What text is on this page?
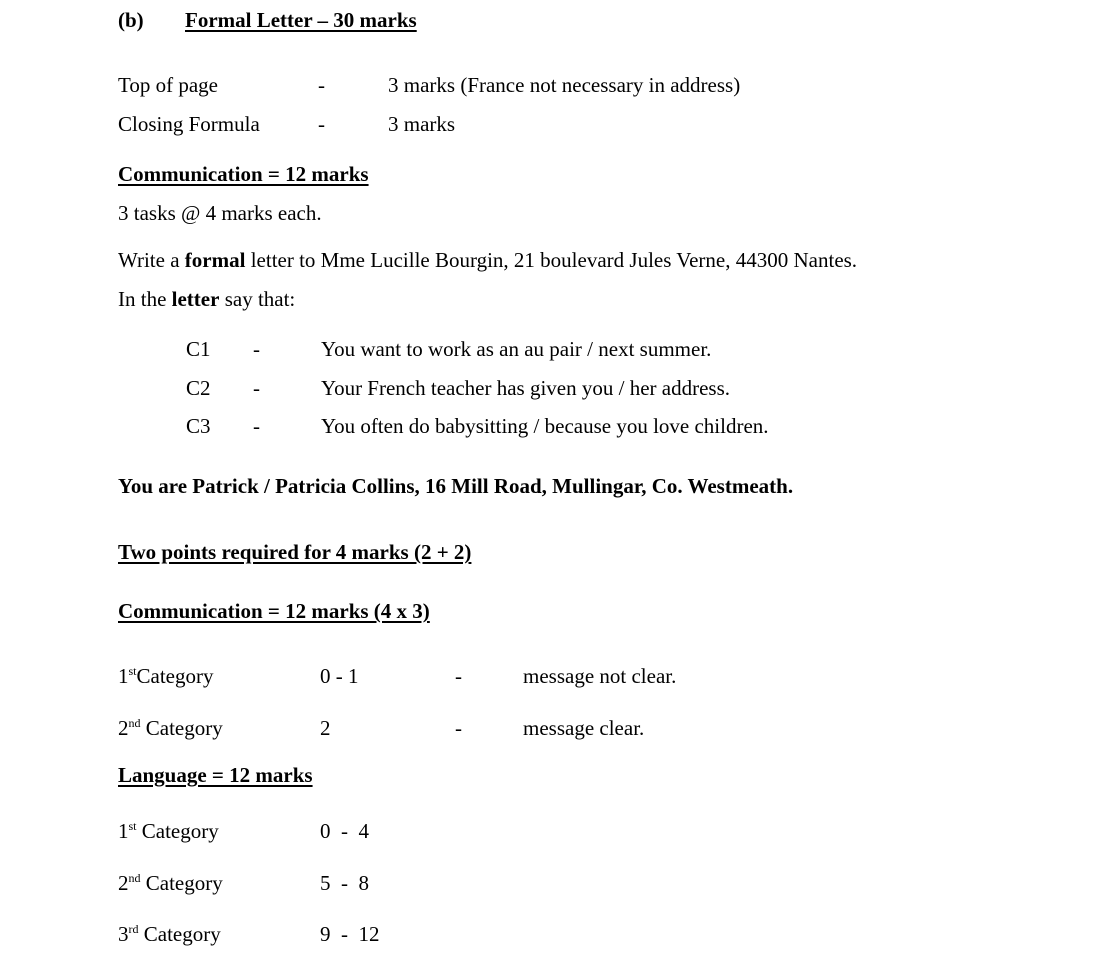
(b) Formal Letter – 30 marks
Top of page	-	3 marks (France not necessary in address)
Closing Formula	-	3 marks
Communication = 12 marks
3 tasks @ 4 marks each.
Write a formal letter to Mme Lucille Bourgin, 21 boulevard Jules Verne, 44300 Nantes.
In the letter say that:
C1 -	You want to work as an au pair / next summer.
C2 -	Your French teacher has given you / her address.
C3 -	You often do babysitting / because you love children.
You are Patrick / Patricia Collins, 16 Mill Road, Mullingar, Co. Westmeath.
Two points required for 4 marks (2 + 2)
Communication = 12 marks (4 x 3)
1stCategory	0 - 1	-	message not clear.
2nd Category	2	-	message clear.
Language = 12 marks
1st Category	0  -  4
2nd Category	5  -  8
3rd Category	9  -  12
